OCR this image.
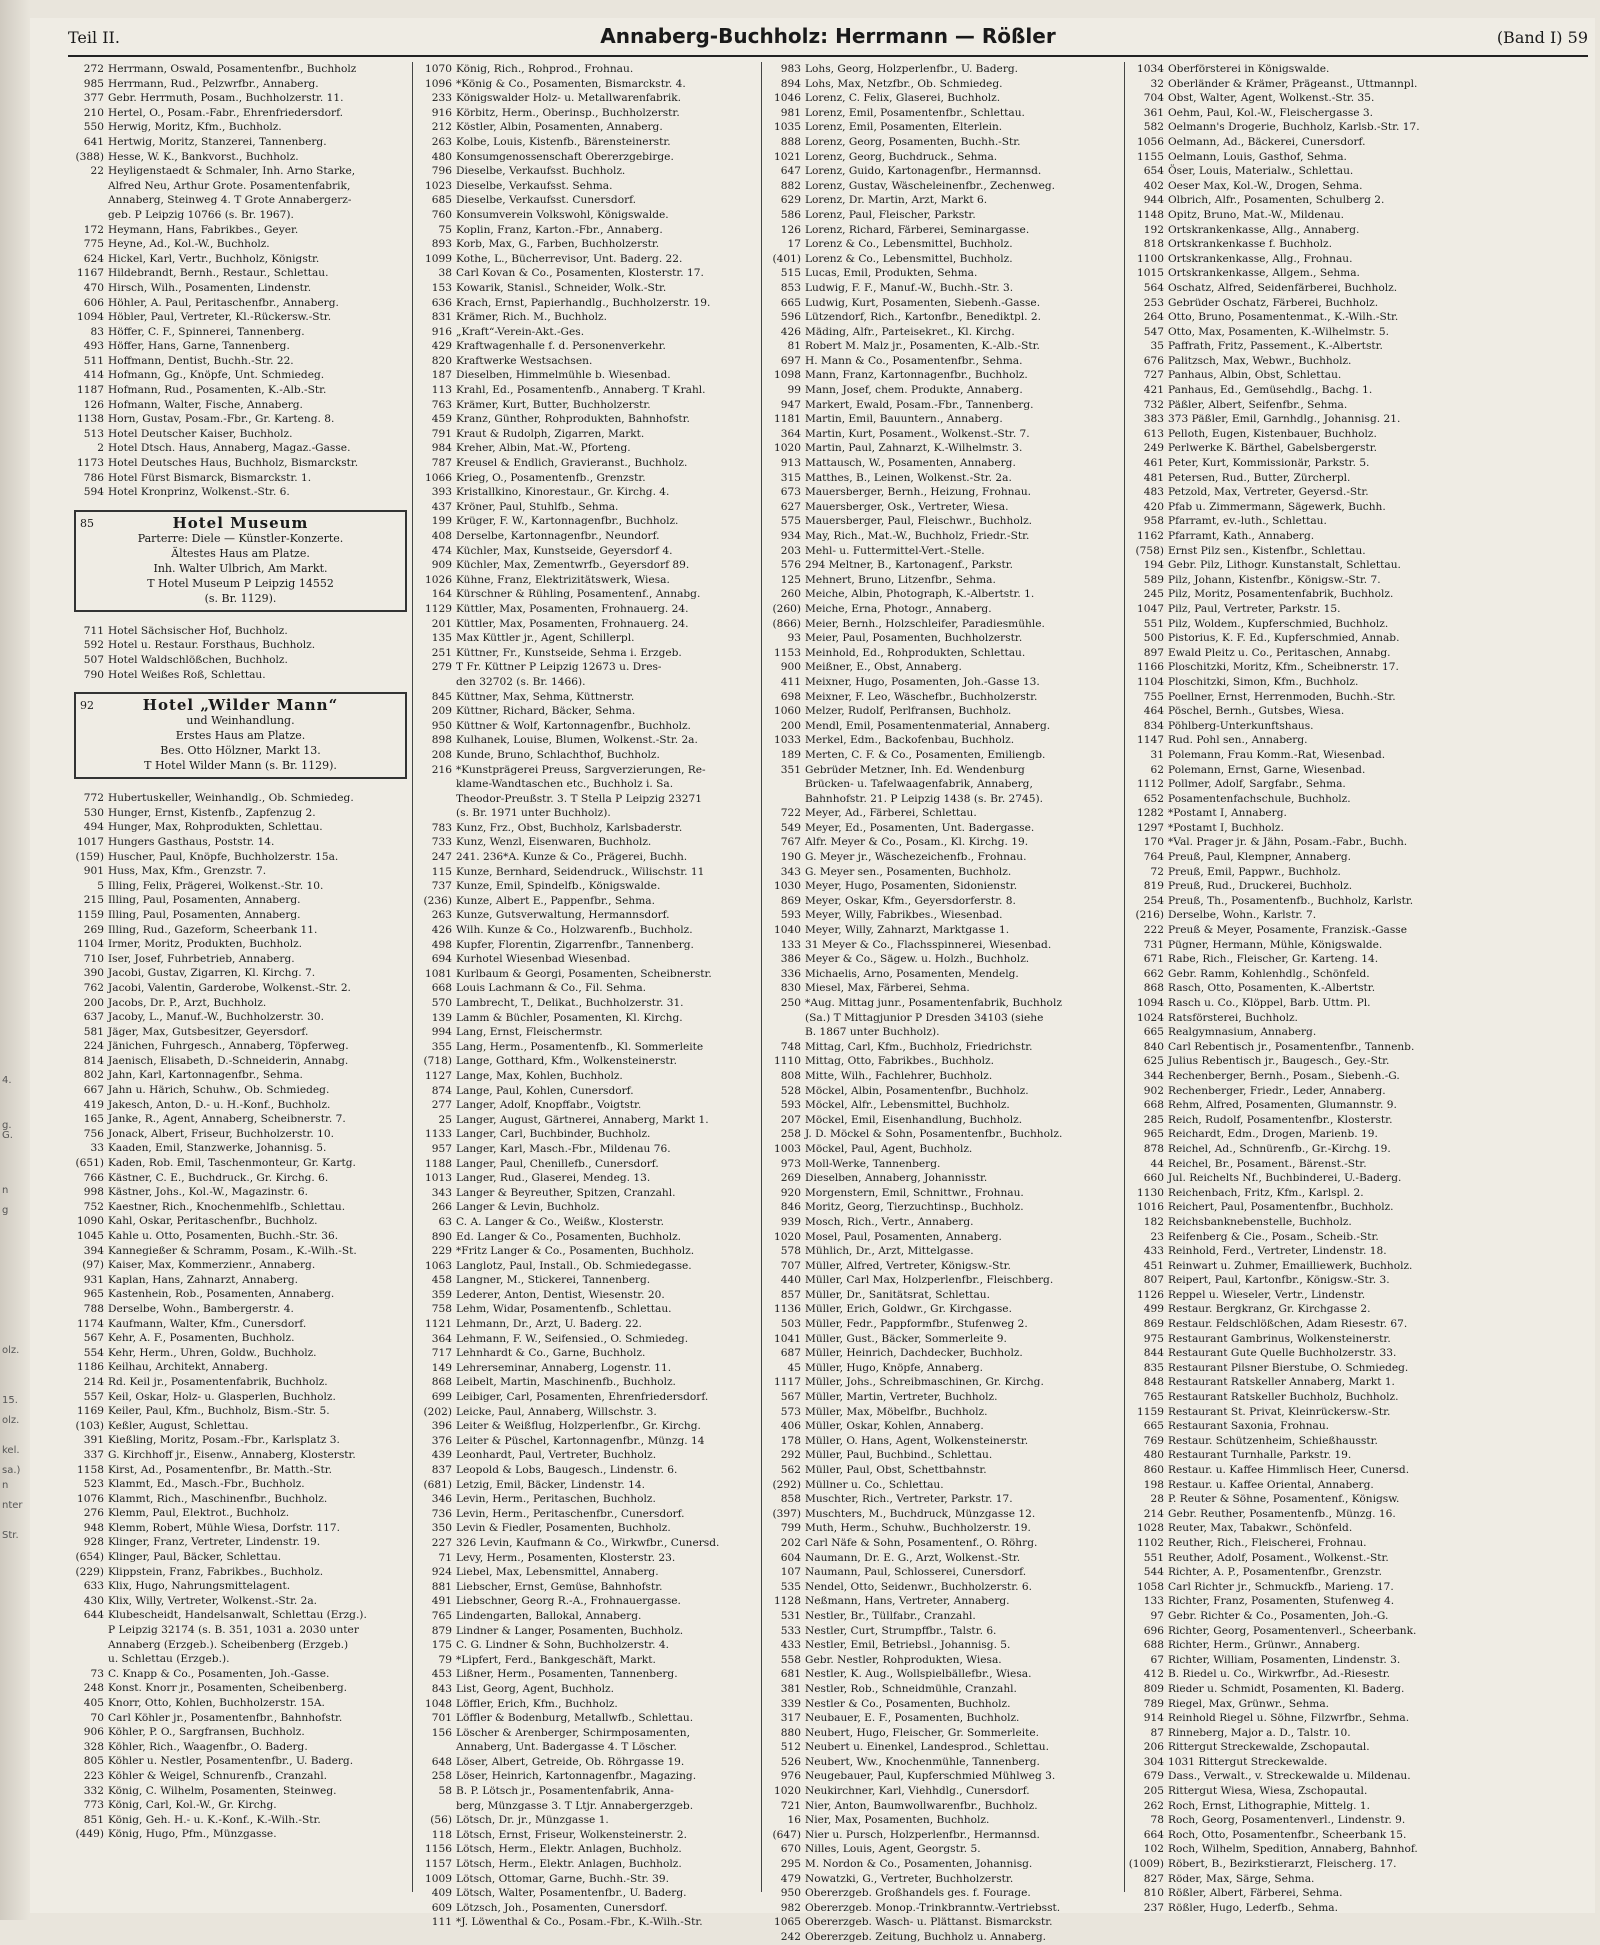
Teil II.	Annaberg-Buchholz: Herrmann — Rößler	(Band I) 59
272 Herrmann, Oswald, Posamentenfbr., Buchholz
985 Herrmann, Rud., Pelzwrfbr., Annaberg.
377 Gebr. Herrmuth, Posam., Buchholzerstr. 11.
210 Hertel, O., Posam.-Fabr., Ehrenfriedersdorf.
550 Herwig, Moritz, Kfm., Buchholz.
641 Hertwig, Moritz, Stanzerei, Tannenberg.
(388) Hesse, W. K., Bankvorst., Buchholz.
22 Heyligenstaedt & Schmaler, Inh. Arno Starke,
Alfred Neu, Arthur Grote. Posamentenfabrik,
Annaberg, Steinweg 4. T Grote Annabergerz-
geb. P Leipzig 10766 (s. Br. 1967).
172 Heymann, Hans, Fabrikbes., Geyer.
775 Heyne, Ad., Kol.-W., Buchholz.
624 Hickel, Karl, Vertr., Buchholz, Königstr.
1167 Hildebrandt, Bernh., Restaur., Schlettau.
470 Hirsch, Wilh., Posamenten, Lindenstr.
606 Höhler, A. Paul, Peritaschenfbr., Annaberg.
1094 Höbler, Paul, Vertreter, Kl.-Rückersw.-Str.
83 Höffer, C. F., Spinnerei, Tannenberg.
493 Höffer, Hans, Garne, Tannenberg.
511 Hoffmann, Dentist, Buchh.-Str. 22.
414 Hofmann, Gg., Knöpfe, Unt. Schmiedeg.
1187 Hofmann, Rud., Posamenten, K.-Alb.-Str.
126 Hofmann, Walter, Fische, Annaberg.
1138 Horn, Gustav, Posam.-Fbr., Gr. Karteng. 8.
513 Hotel Deutscher Kaiser, Buchholz.
2 Hotel Dtsch. Haus, Annaberg, Magaz.-Gasse.
1173 Hotel Deutsches Haus, Buchholz, Bismarckstr.
786 Hotel Fürst Bismarck, Bismarckstr. 1.
594 Hotel Kronprinz, Wolkenst.-Str. 6.
85	Hotel Museum
Parterre: Diele — Künstler-Konzerte.
Ältestes Haus am Platze.
Inh. Walter Ulbrich, Am Markt.
T Hotel Museum P Leipzig 14552
(s. Br. 1129).
711 Hotel Sächsischer Hof, Buchholz.
592 Hotel u. Restaur. Forsthaus, Buchholz.
507 Hotel Waldschlößchen, Buchholz.
790 Hotel Weißes Roß, Schlettau.
92	Hotel „Wilder Mann“
und Weinhandlung.
Erstes Haus am Platze.
Bes. Otto Hölzner, Markt 13.
T Hotel Wilder Mann (s. Br. 1129).
772 Hubertuskeller, Weinhandlg., Ob. Schmiedeg.
530 Hunger, Ernst, Kistenfb., Zapfenzug 2.
494 Hunger, Max, Rohprodukten, Schlettau.
1017 Hungers Gasthaus, Poststr. 14.
(159) Huscher, Paul, Knöpfe, Buchholzerstr. 15a.
901 Huss, Max, Kfm., Grenzstr. 7.
5 Illing, Felix, Prägerei, Wolkenst.-Str. 10.
215 Illing, Paul, Posamenten, Annaberg.
1159 Illing, Paul, Posamenten, Annaberg.
269 Illing, Rud., Gazeform, Scheerbank 11.
1104 Irmer, Moritz, Produkten, Buchholz.
710 Iser, Josef, Fuhrbetrieb, Annaberg.
390 Jacobi, Gustav, Zigarren, Kl. Kirchg. 7.
762 Jacobi, Valentin, Garderobe, Wolkenst.-Str. 2.
200 Jacobs, Dr. P., Arzt, Buchholz.
637 Jacoby, L., Manuf.-W., Buchholzerstr. 30.
581 Jäger, Max, Gutsbesitzer, Geyersdorf.
224 Jänichen, Fuhrgesch., Annaberg, Töpferweg.
814 Jaenisch, Elisabeth, D.-Schneiderin, Annabg.
802 Jahn, Karl, Kartonnagenfbr., Sehma.
667 Jahn u. Härich, Schuhw., Ob. Schmiedeg.
419 Jakesch, Anton, D.- u. H.-Konf., Buchholz.
165 Janke, R., Agent, Annaberg, Scheibnerstr. 7.
756 Jonack, Albert, Friseur, Buchholzerstr. 10.
33 Kaaden, Emil, Stanzwerke, Johannisg. 5.
(651) Kaden, Rob. Emil, Taschenmonteur, Gr. Kartg.
766 Kästner, C. E., Buchdruck., Gr. Kirchg. 6.
998 Kästner, Johs., Kol.-W., Magazinstr. 6.
752 Kaestner, Rich., Knochenmehlfb., Schlettau.
1090 Kahl, Oskar, Peritaschenfbr., Buchholz.
1045 Kahle u. Otto, Posamenten, Buchh.-Str. 36.
394 Kannegießer & Schramm, Posam., K.-Wilh.-St.
(97) Kaiser, Max, Kommerzienr., Annaberg.
931 Kaplan, Hans, Zahnarzt, Annaberg.
965 Kastenhein, Rob., Posamenten, Annaberg.
788 Derselbe, Wohn., Bambergerstr. 4.
1174 Kaufmann, Walter, Kfm., Cunersdorf.
567 Kehr, A. F., Posamenten, Buchholz.
554 Kehr, Herm., Uhren, Goldw., Buchholz.
1186 Keilhau, Architekt, Annaberg.
214 Rd. Keil jr., Posamentenfabrik, Buchholz.
557 Keil, Oskar, Holz- u. Glasperlen, Buchholz.
1169 Keiler, Paul, Kfm., Buchholz, Bism.-Str. 5.
(103) Keßler, August, Schlettau.
391 Kießling, Moritz, Posam.-Fbr., Karlsplatz 3.
337 G. Kirchhoff jr., Eisenw., Annaberg, Klosterstr.
1158 Kirst, Ad., Posamentenfbr., Br. Matth.-Str.
523 Klammt, Ed., Masch.-Fbr., Buchholz.
1076 Klammt, Rich., Maschinenfbr., Buchholz.
276 Klemm, Paul, Elektrot., Buchholz.
948 Klemm, Robert, Mühle Wiesa, Dorfstr. 117.
928 Klinger, Franz, Vertreter, Lindenstr. 19.
(654) Klinger, Paul, Bäcker, Schlettau.
(229) Klippstein, Franz, Fabrikbes., Buchholz.
633 Klix, Hugo, Nahrungsmittelagent.
430 Klix, Willy, Vertreter, Wolkenst.-Str. 2a.
644 Klubescheidt, Handelsanwalt, Schlettau (Erzg.).
P Leipzig 32174 (s. B. 351, 1031 a. 2030 unter
Annaberg (Erzgeb.). Scheibenberg (Erzgeb.)
u. Schlettau (Erzgeb.).
73 C. Knapp & Co., Posamenten, Joh.-Gasse.
248 Konst. Knorr jr., Posamenten, Scheibenberg.
405 Knorr, Otto, Kohlen, Buchholzerstr. 15A.
70 Carl Köhler jr., Posamentenfbr., Bahnhofstr.
906 Köhler, P. O., Sargfransen, Buchholz.
328 Köhler, Rich., Waagenfbr., O. Baderg.
805 Köhler u. Nestler, Posamentenfbr., U. Baderg.
223 Köhler & Weigel, Schnurenfb., Cranzahl.
332 König, C. Wilhelm, Posamenten, Steinweg.
773 König, Carl, Kol.-W., Gr. Kirchg.
851 König, Geh. H.- u. K.-Konf., K.-Wilh.-Str.
(449) König, Hugo, Pfm., Münzgasse.
1070 König, Rich., Rohprod., Frohnau.
1096 *König & Co., Posamenten, Bismarckstr. 4.
233 Königswalder Holz- u. Metallwarenfabrik.
916 Körbitz, Herm., Oberinsp., Buchholzerstr.
212 Köstler, Albin, Posamenten, Annaberg.
263 Kolbe, Louis, Kistenfb., Bärensteinerstr.
480 Konsumgenossenschaft Obererzgebirge.
796 Dieselbe, Verkaufsst. Buchholz.
1023 Dieselbe, Verkaufsst. Sehma.
685 Dieselbe, Verkaufsst. Cunersdorf.
760 Konsumverein Volkswohl, Königswalde.
75 Koplin, Franz, Karton.-Fbr., Annaberg.
893 Korb, Max, G., Farben, Buchholzerstr.
1099 Kothe, L., Bücherrevisor, Unt. Baderg. 22.
38 Carl Kovan & Co., Posamenten, Klosterstr. 17.
153 Kowarik, Stanisl., Schneider, Wolk.-Str.
636 Krach, Ernst, Papierhandlg., Buchholzerstr. 19.
831 Krämer, Rich. M., Buchholz.
916 „Kraft“-Verein-Akt.-Ges.
429 Kraftwagenhalle f. d. Personenverkehr.
820 Kraftwerke Westsachsen.
187 Dieselben, Himmelmühle b. Wiesenbad.
113 Krahl, Ed., Posamentenfb., Annaberg. T Krahl.
763 Krämer, Kurt, Butter, Buchholzerstr.
459 Kranz, Günther, Rohprodukten, Bahnhofstr.
791 Kraut & Rudolph, Zigarren, Markt.
984 Kreher, Albin, Mat.-W., Pforteng.
787 Kreusel & Endlich, Gravieranst., Buchholz.
1066 Krieg, O., Posamentenfb., Grenzstr.
393 Kristallkino, Kinorestaur., Gr. Kirchg. 4.
437 Kröner, Paul, Stuhlfb., Sehma.
199 Krüger, F. W., Kartonnagenfbr., Buchholz.
408 Derselbe, Kartonnagenfbr., Neundorf.
474 Küchler, Max, Kunstseide, Geyersdorf 4.
909 Küchler, Max, Zementwrfb., Geyersdorf 89.
1026 Kühne, Franz, Elektrizitätswerk, Wiesa.
164 Kürschner & Rühling, Posamentenf., Annabg.
1129 Küttler, Max, Posamenten, Frohnauerg. 24.
201 Küttler, Max, Posamenten, Frohnauerg. 24.
135 Max Küttler jr., Agent, Schillerpl.
251 Küttner, Fr., Kunstseide, Sehma i. Erzgeb.
279 T Fr. Küttner P Leipzig 12673 u. Dres-
den 32702 (s. Br. 1466).
845 Küttner, Max, Sehma, Küttnerstr.
209 Küttner, Richard, Bäcker, Sehma.
950 Küttner & Wolf, Kartonnagenfbr., Buchholz.
898 Kulhanek, Louise, Blumen, Wolkenst.-Str. 2a.
208 Kunde, Bruno, Schlachthof, Buchholz.
216 *Kunstprägerei Preuss, Sargverzierungen, Re-
klame-Wandtaschen etc., Buchholz i. Sa.
Theodor-Preußstr. 3. T Stella P Leipzig 23271
(s. Br. 1971 unter Buchholz).
783 Kunz, Frz., Obst, Buchholz, Karlsbaderstr.
733 Kunz, Wenzl, Eisenwaren, Buchholz.
247 241. 236*A. Kunze & Co., Prägerei, Buchh.
115 Kunze, Bernhard, Seidendruck., Wilischstr. 11
737 Kunze, Emil, Spindelfb., Königswalde.
(236) Kunze, Albert E., Pappenfbr., Sehma.
263 Kunze, Gutsverwaltung, Hermannsdorf.
426 Wilh. Kunze & Co., Holzwarenfb., Buchholz.
498 Kupfer, Florentin, Zigarrenfbr., Tannenberg.
694 Kurhotel Wiesenbad Wiesenbad.
1081 Kurlbaum & Georgi, Posamenten, Scheibnerstr.
668 Louis Lachmann & Co., Fil. Sehma.
570 Lambrecht, T., Delikat., Buchholzerstr. 31.
139 Lamm & Büchler, Posamenten, Kl. Kirchg.
994 Lang, Ernst, Fleischermstr.
355 Lang, Herm., Posamentenfb., Kl. Sommerleite
(718) Lange, Gotthard, Kfm., Wolkensteinerstr.
1127 Lange, Max, Kohlen, Buchholz.
874 Lange, Paul, Kohlen, Cunersdorf.
277 Langer, Adolf, Knopffabr., Voigtstr.
25 Langer, August, Gärtnerei, Annaberg, Markt 1.
1133 Langer, Carl, Buchbinder, Buchholz.
957 Langer, Karl, Masch.-Fbr., Mildenau 76.
1188 Langer, Paul, Chenillefb., Cunersdorf.
1013 Langer, Rud., Glaserei, Mendeg. 13.
343 Langer & Beyreuther, Spitzen, Cranzahl.
266 Langer & Levin, Buchholz.
63 C. A. Langer & Co., Weißw., Klosterstr.
890 Ed. Langer & Co., Posamenten, Buchholz.
229 *Fritz Langer & Co., Posamenten, Buchholz.
1063 Langlotz, Paul, Install., Ob. Schmiedegasse.
458 Langner, M., Stickerei, Tannenberg.
359 Lederer, Anton, Dentist, Wiesenstr. 20.
758 Lehm, Widar, Posamentenfb., Schlettau.
1121 Lehmann, Dr., Arzt, U. Baderg. 22.
364 Lehmann, F. W., Seifensied., O. Schmiedeg.
717 Lehnhardt & Co., Garne, Buchholz.
149 Lehrerseminar, Annaberg, Logenstr. 11.
868 Leibelt, Martin, Maschinenfb., Buchholz.
699 Leibiger, Carl, Posamenten, Ehrenfriedersdorf.
(202) Leicke, Paul, Annaberg, Willschstr. 3.
396 Leiter & Weißflug, Holzperlenfbr., Gr. Kirchg.
376 Leiter & Püschel, Kartonnagenfbr., Münzg. 14
439 Leonhardt, Paul, Vertreter, Buchholz.
837 Leopold & Lobs, Baugesch., Lindenstr. 6.
(681) Letzig, Emil, Bäcker, Lindenstr. 14.
346 Levin, Herm., Peritaschen, Buchholz.
736 Levin, Herm., Peritaschenfbr., Cunersdorf.
350 Levin & Fiedler, Posamenten, Buchholz.
227 326 Levin, Kaufmann & Co., Wirkwfbr., Cunersd.
71 Levy, Herm., Posamenten, Klosterstr. 23.
924 Liebel, Max, Lebensmittel, Annaberg.
881 Liebscher, Ernst, Gemüse, Bahnhofstr.
491 Liebschner, Georg R.-A., Frohnauergasse.
765 Lindengarten, Ballokal, Annaberg.
879 Lindner & Langer, Posamenten, Buchholz.
175 C. G. Lindner & Sohn, Buchholzerstr. 4.
79 *Lipfert, Ferd., Bankgeschäft, Markt.
453 Lißner, Herm., Posamenten, Tannenberg.
843 List, Georg, Agent, Buchholz.
1048 Löffler, Erich, Kfm., Buchholz.
701 Löffler & Bodenburg, Metallwfb., Schlettau.
156 Löscher & Arenberger, Schirmposamenten,
Annaberg, Unt. Badergasse 4. T Löscher.
648 Löser, Albert, Getreide, Ob. Röhrgasse 19.
258 Löser, Heinrich, Kartonnagenfbr., Magazing.
58 B. P. Lötsch jr., Posamentenfabrik, Anna-
berg, Münzgasse 3. T Ltjr. Annabergerzgeb.
(56) Lötsch, Dr. jr., Münzgasse 1.
118 Lötsch, Ernst, Friseur, Wolkensteinerstr. 2.
1156 Lötsch, Herm., Elektr. Anlagen, Buchholz.
1157 Lötsch, Herm., Elektr. Anlagen, Buchholz.
1009 Lötsch, Ottomar, Garne, Buchh.-Str. 39.
409 Lötsch, Walter, Posamentenfbr., U. Baderg.
609 Lötzsch, Joh., Posamenten, Cunersdorf.
111 *J. Löwenthal & Co., Posam.-Fbr., K.-Wilh.-Str.
983 Lohs, Georg, Holzperlenfbr., U. Baderg.
894 Lohs, Max, Netzfbr., Ob. Schmiedeg.
1046 Lorenz, C. Felix, Glaserei, Buchholz.
981 Lorenz, Emil, Posamentenfbr., Schlettau.
1035 Lorenz, Emil, Posamenten, Elterlein.
888 Lorenz, Georg, Posamenten, Buchh.-Str.
1021 Lorenz, Georg, Buchdruck., Sehma.
647 Lorenz, Guido, Kartonagenfbr., Hermannsd.
882 Lorenz, Gustav, Wäscheleinenfbr., Zechenweg.
629 Lorenz, Dr. Martin, Arzt, Markt 6.
586 Lorenz, Paul, Fleischer, Parkstr.
126 Lorenz, Richard, Färberei, Seminargasse.
17 Lorenz & Co., Lebensmittel, Buchholz.
(401) Lorenz & Co., Lebensmittel, Buchholz.
515 Lucas, Emil, Produkten, Sehma.
853 Ludwig, F. F., Manuf.-W., Buchh.-Str. 3.
665 Ludwig, Kurt, Posamenten, Siebenh.-Gasse.
596 Lützendorf, Rich., Kartonfbr., Benediktpl. 2.
426 Mäding, Alfr., Parteisekret., Kl. Kirchg.
81 Robert M. Malz jr., Posamenten, K.-Alb.-Str.
697 H. Mann & Co., Posamentenfbr., Sehma.
1098 Mann, Franz, Kartonnagenfbr., Buchholz.
99 Mann, Josef, chem. Produkte, Annaberg.
947 Markert, Ewald, Posam.-Fbr., Tannenberg.
1181 Martin, Emil, Bauuntern., Annaberg.
364 Martin, Kurt, Posament., Wolkenst.-Str. 7.
1020 Martin, Paul, Zahnarzt, K.-Wilhelmstr. 3.
913 Mattausch, W., Posamenten, Annaberg.
315 Matthes, B., Leinen, Wolkenst.-Str. 2a.
673 Mauersberger, Bernh., Heizung, Frohnau.
627 Mauersberger, Osk., Vertreter, Wiesa.
575 Mauersberger, Paul, Fleischwr., Buchholz.
934 May, Rich., Mat.-W., Buchholz, Friedr.-Str.
203 Mehl- u. Futtermittel-Vert.-Stelle.
576 294 Meltner, B., Kartonagenf., Parkstr.
125 Mehnert, Bruno, Litzenfbr., Sehma.
260 Meiche, Albin, Photograph, K.-Albertstr. 1.
(260) Meiche, Erna, Photogr., Annaberg.
(866) Meier, Bernh., Holzschleifer, Paradiesmühle.
93 Meier, Paul, Posamenten, Buchholzerstr.
1153 Meinhold, Ed., Rohprodukten, Schlettau.
900 Meißner, E., Obst, Annaberg.
411 Meixner, Hugo, Posamenten, Joh.-Gasse 13.
698 Meixner, F. Leo, Wäschefbr., Buchholzerstr.
1060 Melzer, Rudolf, Perlfransen, Buchholz.
200 Mendl, Emil, Posamentenmaterial, Annaberg.
1033 Merkel, Edm., Backofenbau, Buchholz.
189 Merten, C. F. & Co., Posamenten, Emiliengb.
351 Gebrüder Metzner, Inh. Ed. Wendenburg
Brücken- u. Tafelwaagenfabrik, Annaberg,
Bahnhofstr. 21. P Leipzig 1438 (s. Br. 2745).
722 Meyer, Ad., Färberei, Schlettau.
549 Meyer, Ed., Posamenten, Unt. Badergasse.
767 Alfr. Meyer & Co., Posam., Kl. Kirchg. 19.
190 G. Meyer jr., Wäschezeichenfb., Frohnau.
343 G. Meyer sen., Posamenten, Buchholz.
1030 Meyer, Hugo, Posamenten, Sidonienstr.
869 Meyer, Oskar, Kfm., Geyersdorferstr. 8.
593 Meyer, Willy, Fabrikbes., Wiesenbad.
1040 Meyer, Willy, Zahnarzt, Marktgasse 1.
133 31 Meyer & Co., Flachsspinnerei, Wiesenbad.
386 Meyer & Co., Sägew. u. Holzh., Buchholz.
336 Michaelis, Arno, Posamenten, Mendelg.
830 Miesel, Max, Färberei, Sehma.
250 *Aug. Mittag junr., Posamentenfabrik, Buchholz
(Sa.) T Mittagjunior P Dresden 34103 (siehe
B. 1867 unter Buchholz).
748 Mittag, Carl, Kfm., Buchholz, Friedrichstr.
1110 Mittag, Otto, Fabrikbes., Buchholz.
808 Mitte, Wilh., Fachlehrer, Buchholz.
528 Möckel, Albin, Posamentenfbr., Buchholz.
593 Möckel, Alfr., Lebensmittel, Buchholz.
207 Möckel, Emil, Eisenhandlung, Buchholz.
258 J. D. Möckel & Sohn, Posamentenfbr., Buchholz.
1003 Möckel, Paul, Agent, Buchholz.
973 Moll-Werke, Tannenberg.
269 Dieselben, Annaberg, Johannisstr.
920 Morgenstern, Emil, Schnittwr., Frohnau.
846 Moritz, Georg, Tierzuchtinsp., Buchholz.
939 Mosch, Rich., Vertr., Annaberg.
1020 Mosel, Paul, Posamenten, Annaberg.
578 Mühlich, Dr., Arzt, Mittelgasse.
707 Müller, Alfred, Vertreter, Königsw.-Str.
440 Müller, Carl Max, Holzperlenfbr., Fleischberg.
857 Müller, Dr., Sanitätsrat, Schlettau.
1136 Müller, Erich, Goldwr., Gr. Kirchgasse.
503 Müller, Fedr., Pappformfbr., Stufenweg 2.
1041 Müller, Gust., Bäcker, Sommerleite 9.
687 Müller, Heinrich, Dachdecker, Buchholz.
45 Müller, Hugo, Knöpfe, Annaberg.
1117 Müller, Johs., Schreibmaschinen, Gr. Kirchg.
567 Müller, Martin, Vertreter, Buchholz.
573 Müller, Max, Möbelfbr., Buchholz.
406 Müller, Oskar, Kohlen, Annaberg.
178 Müller, O. Hans, Agent, Wolkensteinerstr.
292 Müller, Paul, Buchbind., Schlettau.
562 Müller, Paul, Obst, Schettbahnstr.
(292) Müllner u. Co., Schlettau.
858 Muschter, Rich., Vertreter, Parkstr. 17.
(397) Muschters, M., Buchdruck, Münzgasse 12.
799 Muth, Herm., Schuhw., Buchholzerstr. 19.
202 Carl Näfe & Sohn, Posamentenf., O. Röhrg.
604 Naumann, Dr. E. G., Arzt, Wolkenst.-Str.
107 Naumann, Paul, Schlosserei, Cunersdorf.
535 Nendel, Otto, Seidenwr., Buchholzerstr. 6.
1128 Neßmann, Hans, Vertreter, Annaberg.
531 Nestler, Br., Tüllfabr., Cranzahl.
533 Nestler, Curt, Strumpffbr., Talstr. 6.
433 Nestler, Emil, Betriebsl., Johannisg. 5.
558 Gebr. Nestler, Rohprodukten, Wiesa.
681 Nestler, K. Aug., Wollspielbällefbr., Wiesa.
381 Nestler, Rob., Schneidmühle, Cranzahl.
339 Nestler & Co., Posamenten, Buchholz.
317 Neubauer, E. F., Posamenten, Buchholz.
880 Neubert, Hugo, Fleischer, Gr. Sommerleite.
512 Neubert u. Einenkel, Landesprod., Schlettau.
526 Neubert, Ww., Knochenmühle, Tannenberg.
976 Neugebauer, Paul, Kupferschmied Mühlweg 3.
1020 Neukirchner, Karl, Viehhdlg., Cunersdorf.
721 Nier, Anton, Baumwollwarenfbr., Buchholz.
16 Nier, Max, Posamenten, Buchholz.
(647) Nier u. Pursch, Holzperlenfbr., Hermannsd.
670 Nilles, Louis, Agent, Georgstr. 5.
295 M. Nordon & Co., Posamenten, Johannisg.
479 Nowatzki, G., Vertreter, Buchholzerstr.
950 Obererzgeb. Großhandels ges. f. Fourage.
982 Obererzgeb. Monop.-Trinkbranntw.-Vertriebsst.
1065 Obererzgeb. Wasch- u. Plättanst. Bismarckstr.
242 Obererzgeb. Zeitung, Buchholz u. Annaberg.
1034 Oberförsterei in Königswalde.
32 Oberländer & Krämer, Prägeanst., Uttmannpl.
704 Obst, Walter, Agent, Wolkenst.-Str. 35.
361 Oehm, Paul, Kol.-W., Fleischergasse 3.
582 Oelmann's Drogerie, Buchholz, Karlsb.-Str. 17.
1056 Oelmann, Ad., Bäckerei, Cunersdorf.
1155 Oelmann, Louis, Gasthof, Sehma.
654 Öser, Louis, Materialw., Schlettau.
402 Oeser Max, Kol.-W., Drogen, Sehma.
944 Olbrich, Alfr., Posamenten, Schulberg 2.
1148 Opitz, Bruno, Mat.-W., Mildenau.
192 Ortskrankenkasse, Allg., Annaberg.
818 Ortskrankenkasse f. Buchholz.
1100 Ortskrankenkasse, Allg., Frohnau.
1015 Ortskrankenkasse, Allgem., Sehma.
564 Oschatz, Alfred, Seidenfärberei, Buchholz.
253 Gebrüder Oschatz, Färberei, Buchholz.
264 Otto, Bruno, Posamentenmat., K.-Wilh.-Str.
547 Otto, Max, Posamenten, K.-Wilhelmstr. 5.
35 Paffrath, Fritz, Passement., K.-Albertstr.
676 Palitzsch, Max, Webwr., Buchholz.
727 Panhaus, Albin, Obst, Schlettau.
421 Panhaus, Ed., Gemüsehdlg., Bachg. 1.
732 Päßler, Albert, Seifenfbr., Sehma.
383 373 Päßler, Emil, Garnhdlg., Johannisg. 21.
613 Pelloth, Eugen, Kistenbauer, Buchholz.
249 Perlwerke K. Bärthel, Gabelsbergerstr.
461 Peter, Kurt, Kommissionär, Parkstr. 5.
481 Petersen, Rud., Butter, Zürcherpl.
483 Petzold, Max, Vertreter, Geyersd.-Str.
420 Pfab u. Zimmermann, Sägewerk, Buchh.
958 Pfarramt, ev.-luth., Schlettau.
1162 Pfarramt, Kath., Annaberg.
(758) Ernst Pilz sen., Kistenfbr., Schlettau.
194 Gebr. Pilz, Lithogr. Kunstanstalt, Schlettau.
589 Pilz, Johann, Kistenfbr., Königsw.-Str. 7.
245 Pilz, Moritz, Posamentenfabrik, Buchholz.
1047 Pilz, Paul, Vertreter, Parkstr. 15.
551 Pilz, Woldem., Kupferschmied, Buchholz.
500 Pistorius, K. F. Ed., Kupferschmied, Annab.
897 Ewald Pleitz u. Co., Peritaschen, Annabg.
1166 Ploschitzki, Moritz, Kfm., Scheibnerstr. 17.
1104 Ploschitzki, Simon, Kfm., Buchholz.
755 Poellner, Ernst, Herrenmoden, Buchh.-Str.
464 Pöschel, Bernh., Gutsbes, Wiesa.
834 Pöhlberg-Unterkunftshaus.
1147 Rud. Pohl sen., Annaberg.
31 Polemann, Frau Komm.-Rat, Wiesenbad.
62 Polemann, Ernst, Garne, Wiesenbad.
1112 Pollmer, Adolf, Sargfabr., Sehma.
652 Posamentenfachschule, Buchholz.
1282 *Postamt I, Annaberg.
1297 *Postamt I, Buchholz.
170 *Val. Prager jr. & Jähn, Posam.-Fabr., Buchh.
764 Preuß, Paul, Klempner, Annaberg.
72 Preuß, Emil, Pappwr., Buchholz.
819 Preuß, Rud., Druckerei, Buchholz.
254 Preuß, Th., Posamentenfb., Buchholz, Karlstr.
(216) Derselbe, Wohn., Karlstr. 7.
222 Preuß & Meyer, Posamente, Franzisk.-Gasse
731 Pügner, Hermann, Mühle, Königswalde.
671 Rabe, Rich., Fleischer, Gr. Karteng. 14.
662 Gebr. Ramm, Kohlenhdlg., Schönfeld.
868 Rasch, Otto, Posamenten, K.-Albertstr.
1094 Rasch u. Co., Klöppel, Barb. Uttm. Pl.
1024 Ratsförsterei, Buchholz.
665 Realgymnasium, Annaberg.
840 Carl Rebentisch jr., Posamentenfbr., Tannenb.
625 Julius Rebentisch jr., Baugesch., Gey.-Str.
344 Rechenberger, Bernh., Posam., Siebenh.-G.
902 Rechenberger, Friedr., Leder, Annaberg.
668 Rehm, Alfred, Posamenten, Glumannstr. 9.
285 Reich, Rudolf, Posamentenfbr., Klosterstr.
965 Reichardt, Edm., Drogen, Marienb. 19.
878 Reichel, Ad., Schnürenfb., Gr.-Kirchg. 19.
44 Reichel, Br., Posament., Bärenst.-Str.
660 Jul. Reichelts Nf., Buchbinderei, U.-Baderg.
1130 Reichenbach, Fritz, Kfm., Karlspl. 2.
1016 Reichert, Paul, Posamentenfbr., Buchholz.
182 Reichsbanknebenstelle, Buchholz.
23 Reifenberg & Cie., Posam., Scheib.-Str.
433 Reinhold, Ferd., Vertreter, Lindenstr. 18.
451 Reinwart u. Zuhmer, Emailliewerk, Buchholz.
807 Reipert, Paul, Kartonfbr., Königsw.-Str. 3.
1126 Reppel u. Wieseler, Vertr., Lindenstr.
499 Restaur. Bergkranz, Gr. Kirchgasse 2.
869 Restaur. Feldschlößchen, Adam Riesestr. 67.
975 Restaurant Gambrinus, Wolkensteinerstr.
844 Restaurant Gute Quelle Buchholzerstr. 33.
835 Restaurant Pilsner Bierstube, O. Schmiedeg.
848 Restaurant Ratskeller Annaberg, Markt 1.
765 Restaurant Ratskeller Buchholz, Buchholz.
1159 Restaurant St. Privat, Kleinrückersw.-Str.
665 Restaurant Saxonia, Frohnau.
769 Restaur. Schützenheim, Schießhausstr.
480 Restaurant Turnhalle, Parkstr. 19.
860 Restaur. u. Kaffee Himmlisch Heer, Cunersd.
198 Restaur. u. Kaffee Oriental, Annaberg.
28 P. Reuter & Söhne, Posamentenf., Königsw.
214 Gebr. Reuther, Posamentenfb., Münzg. 16.
1028 Reuter, Max, Tabakwr., Schönfeld.
1102 Reuther, Rich., Fleischerei, Frohnau.
551 Reuther, Adolf, Posament., Wolkenst.-Str.
544 Richter, A. P., Posamentenfbr., Grenzstr.
1058 Carl Richter jr., Schmuckfb., Marieng. 17.
133 Richter, Franz, Posamenten, Stufenweg 4.
97 Gebr. Richter & Co., Posamenten, Joh.-G.
696 Richter, Georg, Posamentenverl., Scheerbank.
688 Richter, Herm., Grünwr., Annaberg.
67 Richter, William, Posamenten, Lindenstr. 3.
412 B. Riedel u. Co., Wirkwrfbr., Ad.-Riesestr.
809 Rieder u. Schmidt, Posamenten, Kl. Baderg.
789 Riegel, Max, Grünwr., Sehma.
914 Reinhold Riegel u. Söhne, Filzwrfbr., Sehma.
87 Rinneberg, Major a. D., Talstr. 10.
206 Rittergut Streckewalde, Zschopautal.
304 1031 Rittergut Streckewalde.
679 Dass., Verwalt., v. Streckewalde u. Mildenau.
205 Rittergut Wiesa, Wiesa, Zschopautal.
262 Roch, Ernst, Lithographie, Mittelg. 1.
78 Roch, Georg, Posamentenverl., Lindenstr. 9.
664 Roch, Otto, Posamentenfbr., Scheerbank 15.
102 Roch, Wilhelm, Spedition, Annaberg, Bahnhof.
(1009) Röbert, B., Bezirkstierarzt, Fleischerg. 17.
827 Röder, Max, Särge, Sehma.
810 Rößler, Albert, Färberei, Sehma.
237 Rößler, Hugo, Lederfb., Sehma.
4.
g.
G.
n
g
olz.
15.
olz.
kel.
sa.)
n
nter
Str.
